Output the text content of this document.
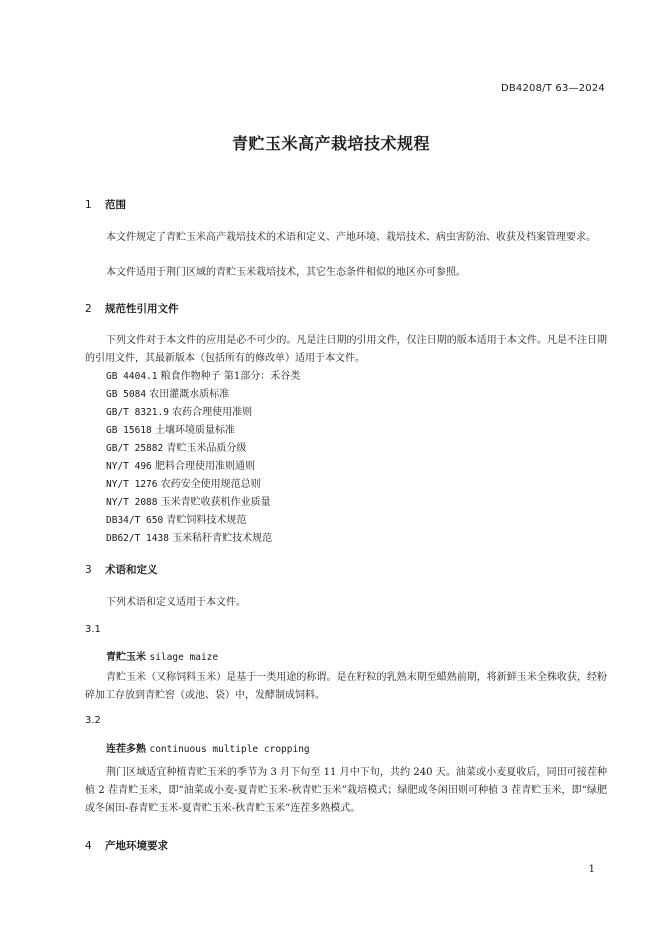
DB4208/T 63—2024
青贮玉米高产栽培技术规程
1 范围
本文件规定了青贮玉米高产栽培技术的术语和定义、产地环境、栽培技术、病虫害防治、收获及档案管理要求。
本文件适用于荆门区域的青贮玉米栽培技术，其它生态条件相似的地区亦可参照。
2 规范性引用文件
下列文件对于本文件的应用是必不可少的。凡是注日期的引用文件，仅注日期的版本适用于本文件。凡是不注日期的引用文件，其最新版本（包括所有的修改单）适用于本文件。
GB 4404.1 粮食作物种子 第1部分：禾谷类
GB 5084 农田灌溉水质标准
GB/T 8321.9 农药合理使用准则
GB 15618 土壤环境质量标准
GB/T 25882 青贮玉米品质分级
NY/T 496 肥料合理使用准则通则
NY/T 1276 农药安全使用规范总则
NY/T 2088 玉米青贮收获机作业质量
DB34/T 650 青贮饲料技术规范
DB62/T 1438 玉米秸秆青贮技术规范
3 术语和定义
下列术语和定义适用于本文件。
3.1
青贮玉米 silage maize
青贮玉米（又称饲料玉米）是基于一类用途的称谓。是在籽粒的乳熟末期至蜡熟前期，将新鲜玉米全株收获，经粉碎加工存放到青贮窖（或池、袋）中，发酵制成饲料。
3.2
连茬多熟 continuous multiple cropping
荆门区域适宜种植青贮玉米的季节为 3 月下旬至 11 月中下旬，共约 240 天。油菜或小麦夏收后，同田可接茬种植 2 茬青贮玉米，即“油菜或小麦-夏青贮玉米-秋青贮玉米”栽培模式；绿肥或冬闲田则可种植 3 茬青贮玉米，即“绿肥或冬闲田-春青贮玉米-夏青贮玉米-秋青贮玉米”连茬多熟模式。
4 产地环境要求
1
